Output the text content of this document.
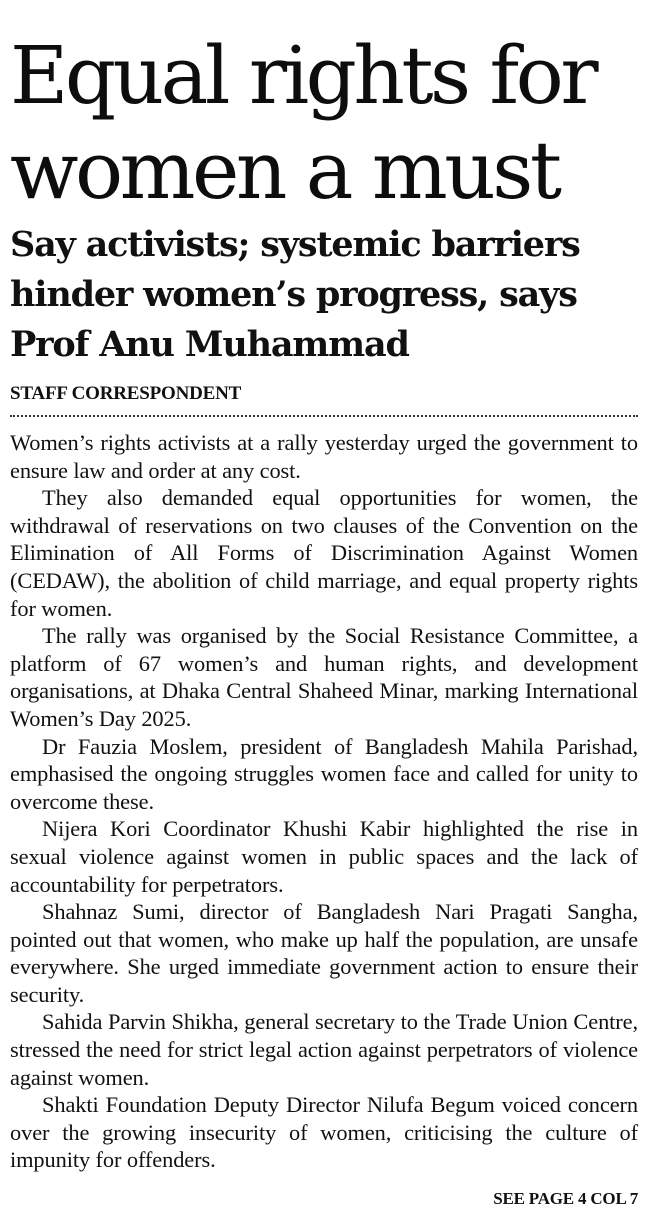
Equal rights for
women a must
Say activists; systemic barriers hinder women’s progress, says Prof Anu Muhammad
STAFF CORRESPONDENT

Women’s rights activists at a rally yesterday urged the government to ensure law and order at any cost.

They also demanded equal opportunities for women, the withdrawal of reservations on two clauses of the Convention on the Elimination of All Forms of Discrimination Against Women (CEDAW), the abolition of child marriage, and equal property rights for women.

The rally was organised by the Social Resistance Committee, a platform of 67 women’s and human rights, and development organisations, at Dhaka Central Shaheed Minar, marking International Women’s Day 2025.

Dr Fauzia Moslem, president of Bangladesh Mahila Parishad, emphasised the ongoing struggles women face and called for unity to overcome these.

Nijera Kori Coordinator Khushi Kabir highlighted the rise in sexual violence against women in public spaces and the lack of accountability for perpetrators.

Shahnaz Sumi, director of Bangladesh Nari Pragati Sangha, pointed out that women, who make up half the population, are unsafe everywhere. She urged immediate government action to ensure their security.

Sahida Parvin Shikha, general secretary to the Trade Union Centre, stressed the need for strict legal action against perpetrators of violence against women.

Shakti Foundation Deputy Director Nilufa Begum voiced concern over the growing insecurity of women, criticising the culture of impunity for offenders.

SEE PAGE 4 COL 7
